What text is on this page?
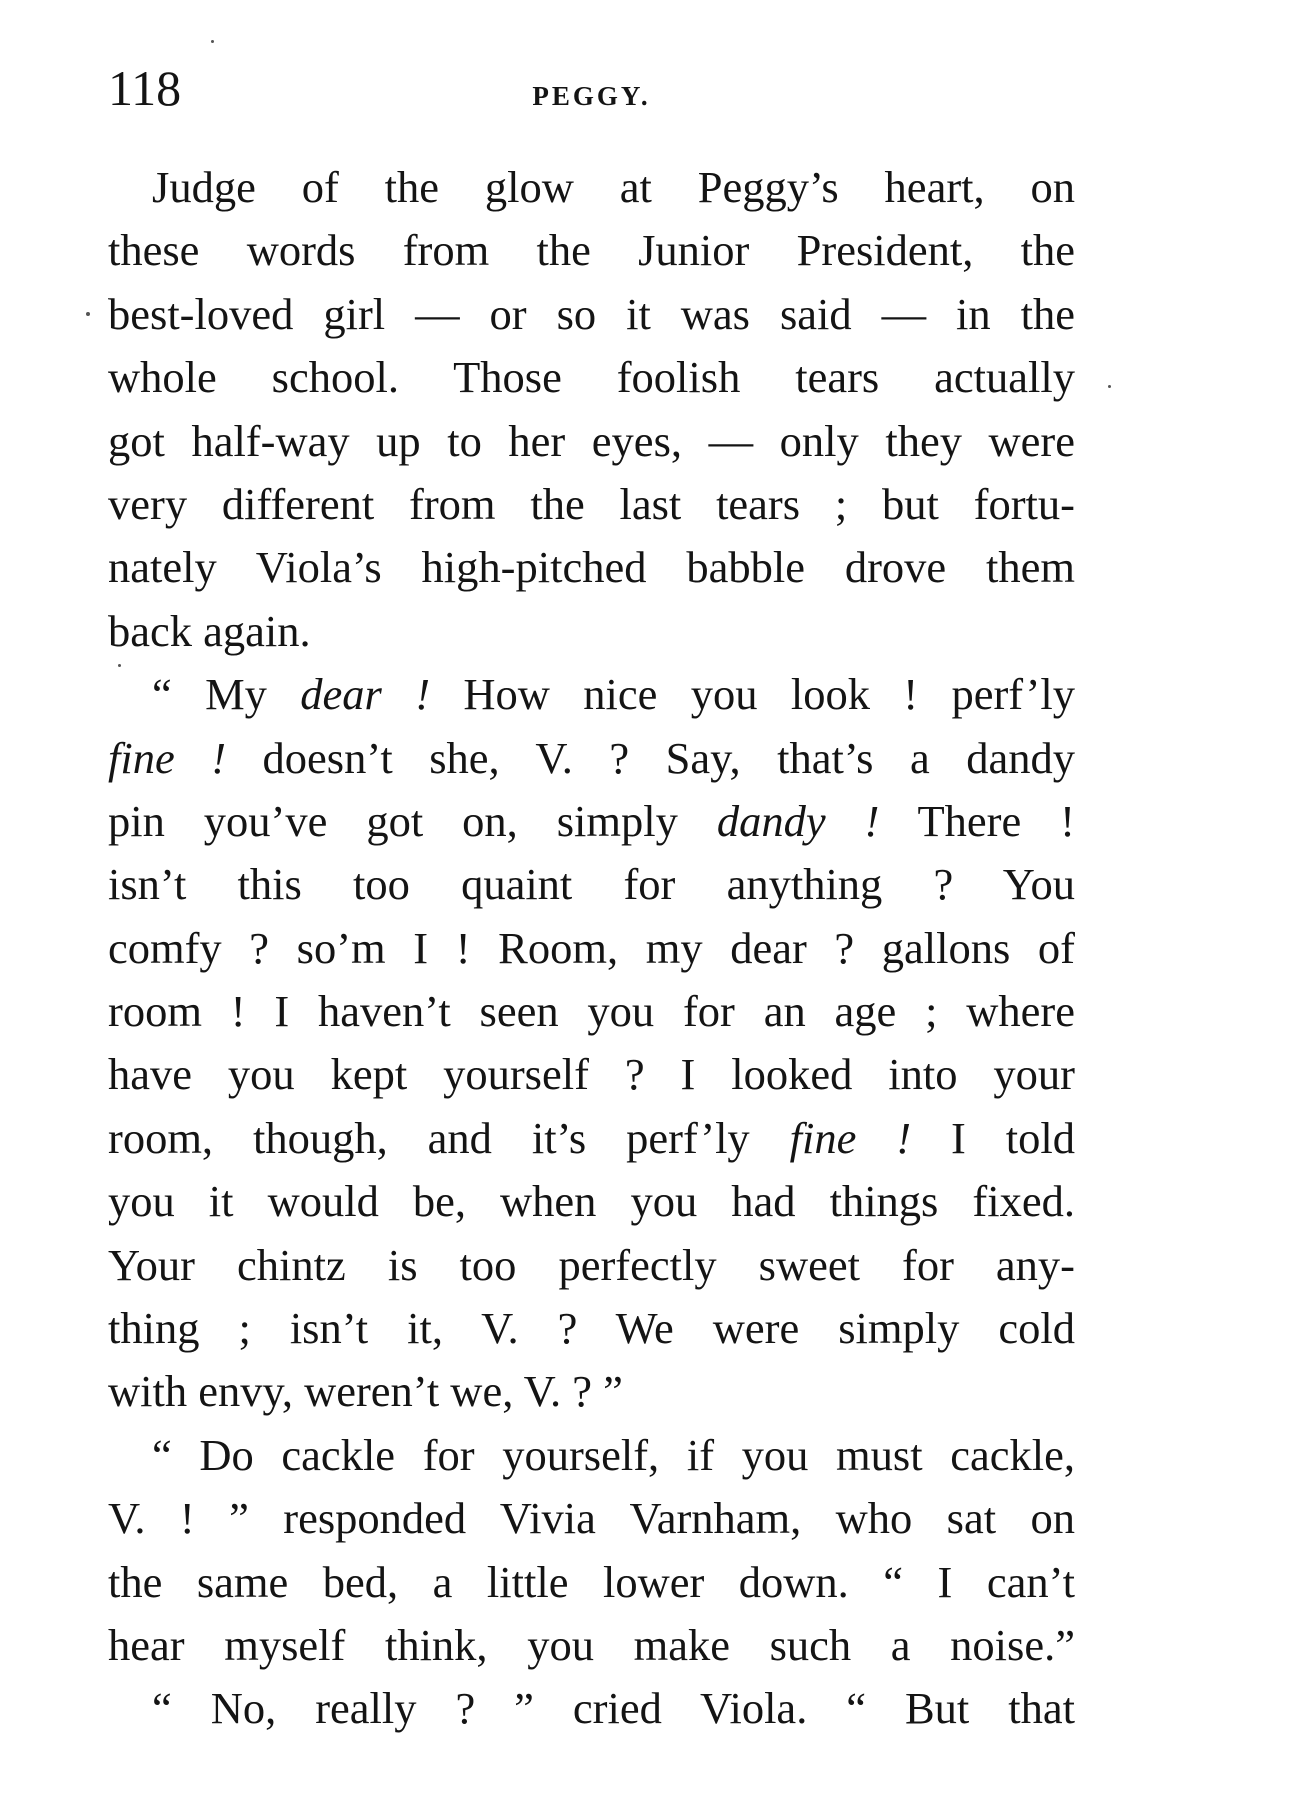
118	PEGGY.
Judge of the glow at Peggy’s heart, on
these words from the Junior President, the
best-loved girl — or so it was said — in the
whole school. Those foolish tears actually
got half-way up to her eyes, — only they were
very different from the last tears ; but fortu-
nately Viola’s high-pitched babble drove them
back again.
“ My dear ! How nice you look ! perf’ly
fine ! doesn’t she, V. ? Say, that’s a dandy
pin you’ve got on, simply dandy ! There !
isn’t this too quaint for anything ? You
comfy ? so’m I ! Room, my dear ? gallons of
room ! I haven’t seen you for an age ; where
have you kept yourself ? I looked into your
room, though, and it’s perf’ly fine ! I told
you it would be, when you had things fixed.
Your chintz is too perfectly sweet for any-
thing ; isn’t it, V. ? We were simply cold
with envy, weren’t we, V. ? ”
“ Do cackle for yourself, if you must cackle,
V. ! ” responded Vivia Varnham, who sat on
the same bed, a little lower down. “ I can’t
hear myself think, you make such a noise.”
“ No, really ? ” cried Viola. “ But that
